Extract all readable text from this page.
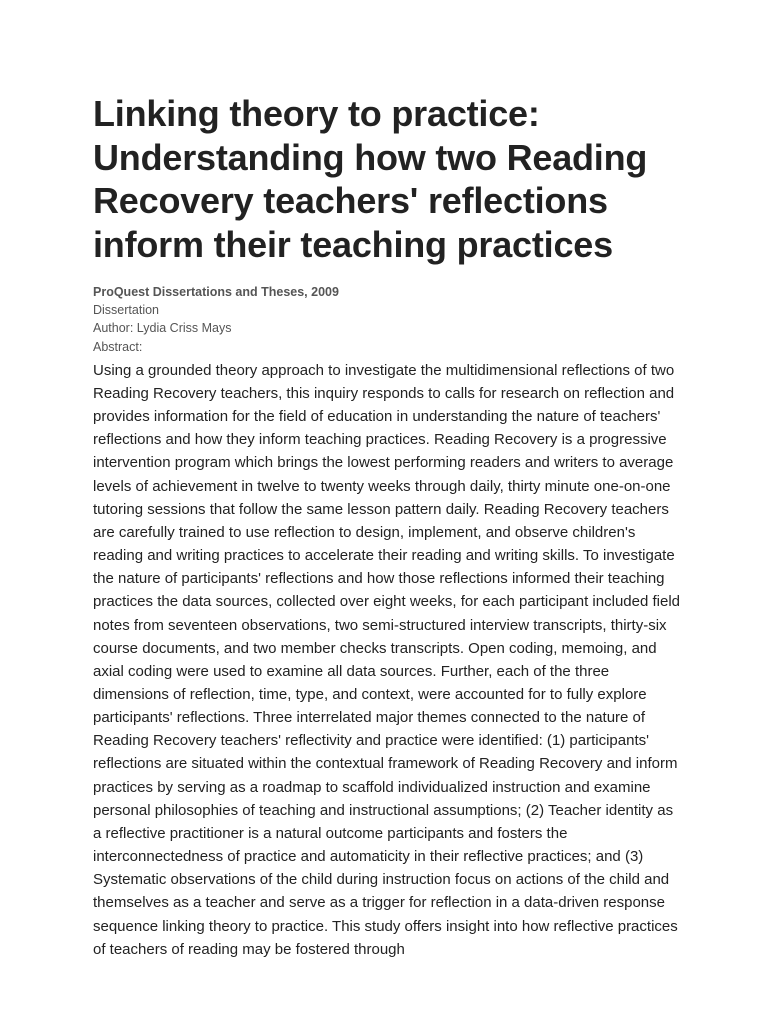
Linking theory to practice: Understanding how two Reading Recovery teachers' reflections inform their teaching practices
ProQuest Dissertations and Theses, 2009
Dissertation
Author: Lydia Criss Mays
Abstract:
Using a grounded theory approach to investigate the multidimensional reflections of two Reading Recovery teachers, this inquiry responds to calls for research on reflection and provides information for the field of education in understanding the nature of teachers' reflections and how they inform teaching practices. Reading Recovery is a progressive intervention program which brings the lowest performing readers and writers to average levels of achievement in twelve to twenty weeks through daily, thirty minute one-on-one tutoring sessions that follow the same lesson pattern daily. Reading Recovery teachers are carefully trained to use reflection to design, implement, and observe children's reading and writing practices to accelerate their reading and writing skills. To investigate the nature of participants' reflections and how those reflections informed their teaching practices the data sources, collected over eight weeks, for each participant included field notes from seventeen observations, two semi-structured interview transcripts, thirty-six course documents, and two member checks transcripts. Open coding, memoing, and axial coding were used to examine all data sources. Further, each of the three dimensions of reflection, time, type, and context, were accounted for to fully explore participants' reflections. Three interrelated major themes connected to the nature of Reading Recovery teachers' reflectivity and practice were identified: (1) participants' reflections are situated within the contextual framework of Reading Recovery and inform practices by serving as a roadmap to scaffold individualized instruction and examine personal philosophies of teaching and instructional assumptions; (2) Teacher identity as a reflective practitioner is a natural outcome participants and fosters the interconnectedness of practice and automaticity in their reflective practices; and (3) Systematic observations of the child during instruction focus on actions of the child and themselves as a teacher and serve as a trigger for reflection in a data-driven response sequence linking theory to practice. This study offers insight into how reflective practices of teachers of reading may be fostered through
